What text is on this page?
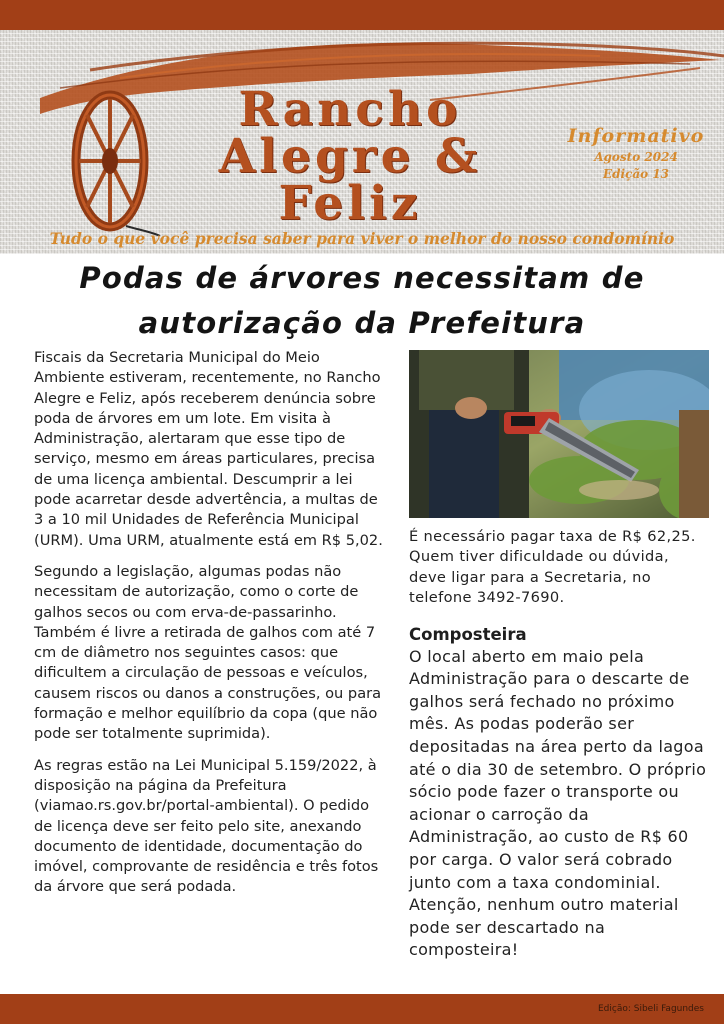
Rancho

Alegre &

Feliz

Informativo

Agosto 2024

Edição 13

Tudo o que você precisa saber para viver o melhor do nosso condomínio

Podas de árvores necessitam de
autorização da Prefeitura

Fiscais da Secretaria Municipal do Meio Ambiente estiveram, recentemente, no Rancho Alegre e Feliz, após receberem denúncia sobre poda de árvores em um lote. Em visita à Administração, alertaram que esse tipo de serviço, mesmo em áreas particulares, precisa de uma licença ambiental. Descumprir a lei pode acarretar desde advertência, a multas de 3 a 10 mil Unidades de Referência Municipal (URM). Uma URM, atualmente está em R$ 5,02.

Segundo a legislação, algumas podas não necessitam de autorização, como o corte de galhos secos ou com erva-de-passarinho. Também é livre a retirada de galhos com até 7 cm de diâmetro nos seguintes casos: que dificultem a circulação de pessoas e veículos, causem riscos ou danos a construções, ou para formação e melhor equilíbrio da copa (que não pode ser totalmente suprimida).

As regras estão na Lei Municipal 5.159/2022, à disposição na página da Prefeitura (viamao.rs.gov.br/portal-ambiental). O pedido de licença deve ser feito pelo site, anexando documento de identidade, documentação do imóvel, comprovante de residência e três fotos da árvore que será podada.

É necessário pagar taxa de R$ 62,25. Quem tiver dificuldade ou dúvida, deve ligar para a Secretaria, no telefone 3492-7690.

Composteira

O local aberto em maio pela Administração para o descarte de galhos será fechado no próximo mês. As podas poderão ser depositadas na área perto da lagoa até o dia 30 de setembro. O próprio sócio pode fazer o transporte ou acionar o carroção da Administração, ao custo de R$ 60 por carga. O valor será cobrado junto com a taxa condominial. Atenção, nenhum outro material pode ser descartado na composteira!

Edição: Sibeli Fagundes
